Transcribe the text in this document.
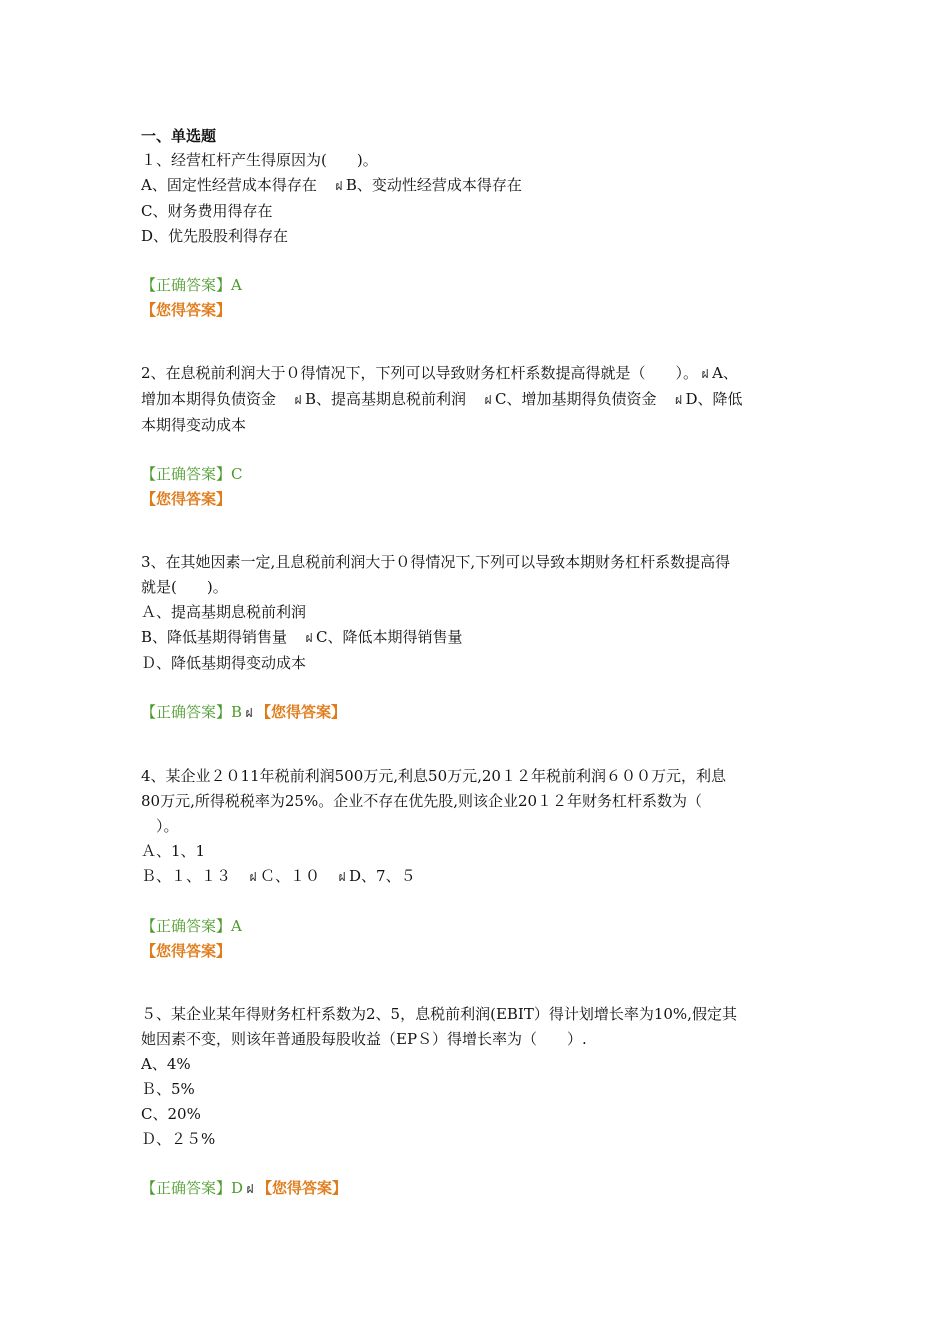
一、单选题

１、经营杠杆产生得原因为(　　)。

A、固定性经营成本得存在　ฝ B、变动性经营成本得存在

C、财务费用得存在

D、优先股股利得存在

【正确答案】A

【您得答案】

2、在息税前利润大于０得情况下，下列可以导致财务杠杆系数提高得就是（　　）。 ฝ A、

增加本期得负债资金　ฝ B、提高基期息税前利润　ฝ C、增加基期得负债资金　ฝ D、降低

本期得变动成本

【正确答案】C

【您得答案】

3、在其她因素一定,且息税前利润大于０得情况下,下列可以导致本期财务杠杆系数提高得

就是(　　)。

Ａ、提高基期息税前利润

B、降低基期得销售量　ฝ C、降低本期得销售量

Ｄ、降低基期得变动成本

【正确答案】B ฝ 【您得答案】

4、某企业２０11年税前利润500万元,利息50万元,20１２年税前利润６００万元，利息

80万元,所得税税率为25%。企业不存在优先股,则该企业20１２年财务杠杆系数为（

　）。

Ａ、1、1

Ｂ、１、１３　ฝ Ｃ、１０　ฝ D、7、５

【正确答案】A

【您得答案】

５、某企业某年得财务杠杆系数为2、5，息税前利润(EBIT）得计划增长率为10%,假定其

她因素不变，则该年普通股每股收益（EPＳ）得增长率为（　　）.

A、4%

Ｂ、5%

C、20%

Ｄ、２５%

【正确答案】D ฝ 【您得答案】
